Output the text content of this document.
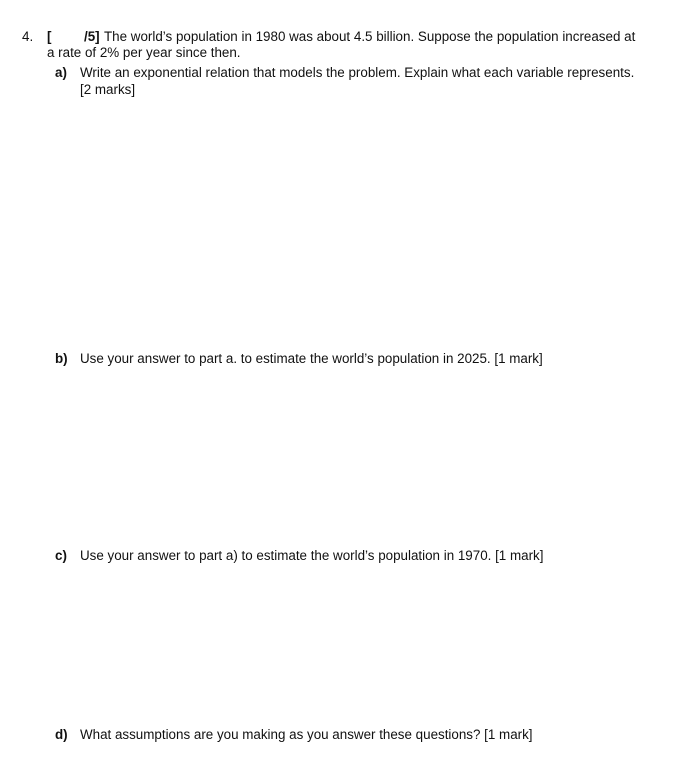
4. [ /5] The world’s population in 1980 was about 4.5 billion. Suppose the population increased at
a rate of 2% per year since then.
a) Write an exponential relation that models the problem. Explain what each variable represents.
[2 marks]
b) Use your answer to part a. to estimate the world’s population in 2025. [1 mark]
c) Use your answer to part a) to estimate the world’s population in 1970. [1 mark]
d) What assumptions are you making as you answer these questions? [1 mark]
